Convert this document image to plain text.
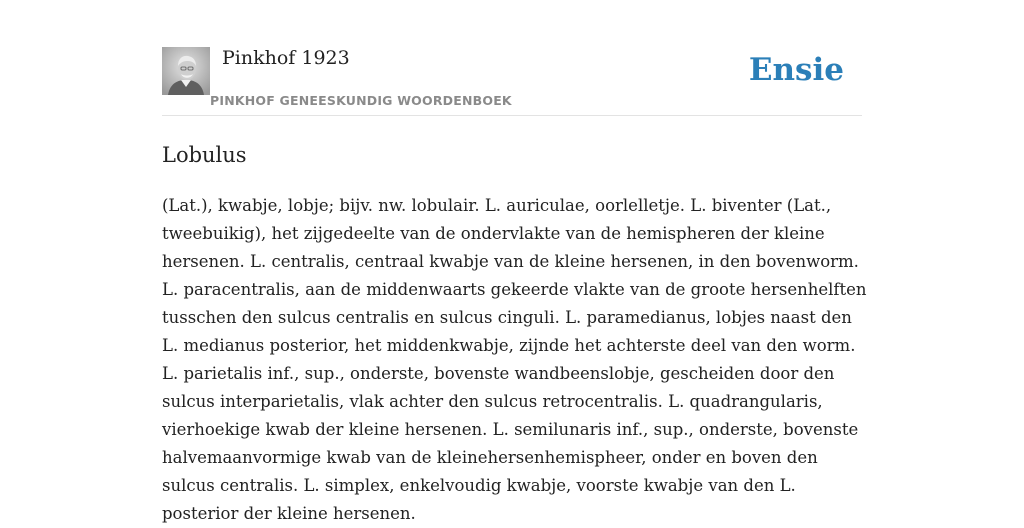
Pinkhof 1923
PINKHOF GENEESKUNDIG WOORDENBOEK
Ensie
Lobulus

(Lat.), kwabje, lobje; bijv. nw. lobulair. L. auriculae, oorlelletje. L. biventer (Lat.,
tweebuikig), het zijgedeelte van de ondervlakte van de hemispheren der kleine
hersenen. L. centralis, centraal kwabje van de kleine hersenen, in den bovenworm.
L. paracentralis, aan de middenwaarts gekeerde vlakte van de groote hersenhelften
tusschen den sulcus centralis en sulcus cinguli. L. paramedianus, lobjes naast den
L. medianus posterior, het middenkwabje, zijnde het achterste deel van den worm.
L. parietalis inf., sup., onderste, bovenste wandbeenslobje, gescheiden door den
sulcus interparietalis, vlak achter den sulcus retrocentralis. L. quadrangularis,
vierhoekige kwab der kleine hersenen. L. semilunaris inf., sup., onderste, bovenste
halvemaanvormige kwab van de kleinehersenhemispheer, onder en boven den
sulcus centralis. L. simplex, enkelvoudig kwabje, voorste kwabje van den L.
posterior der kleine hersenen.
